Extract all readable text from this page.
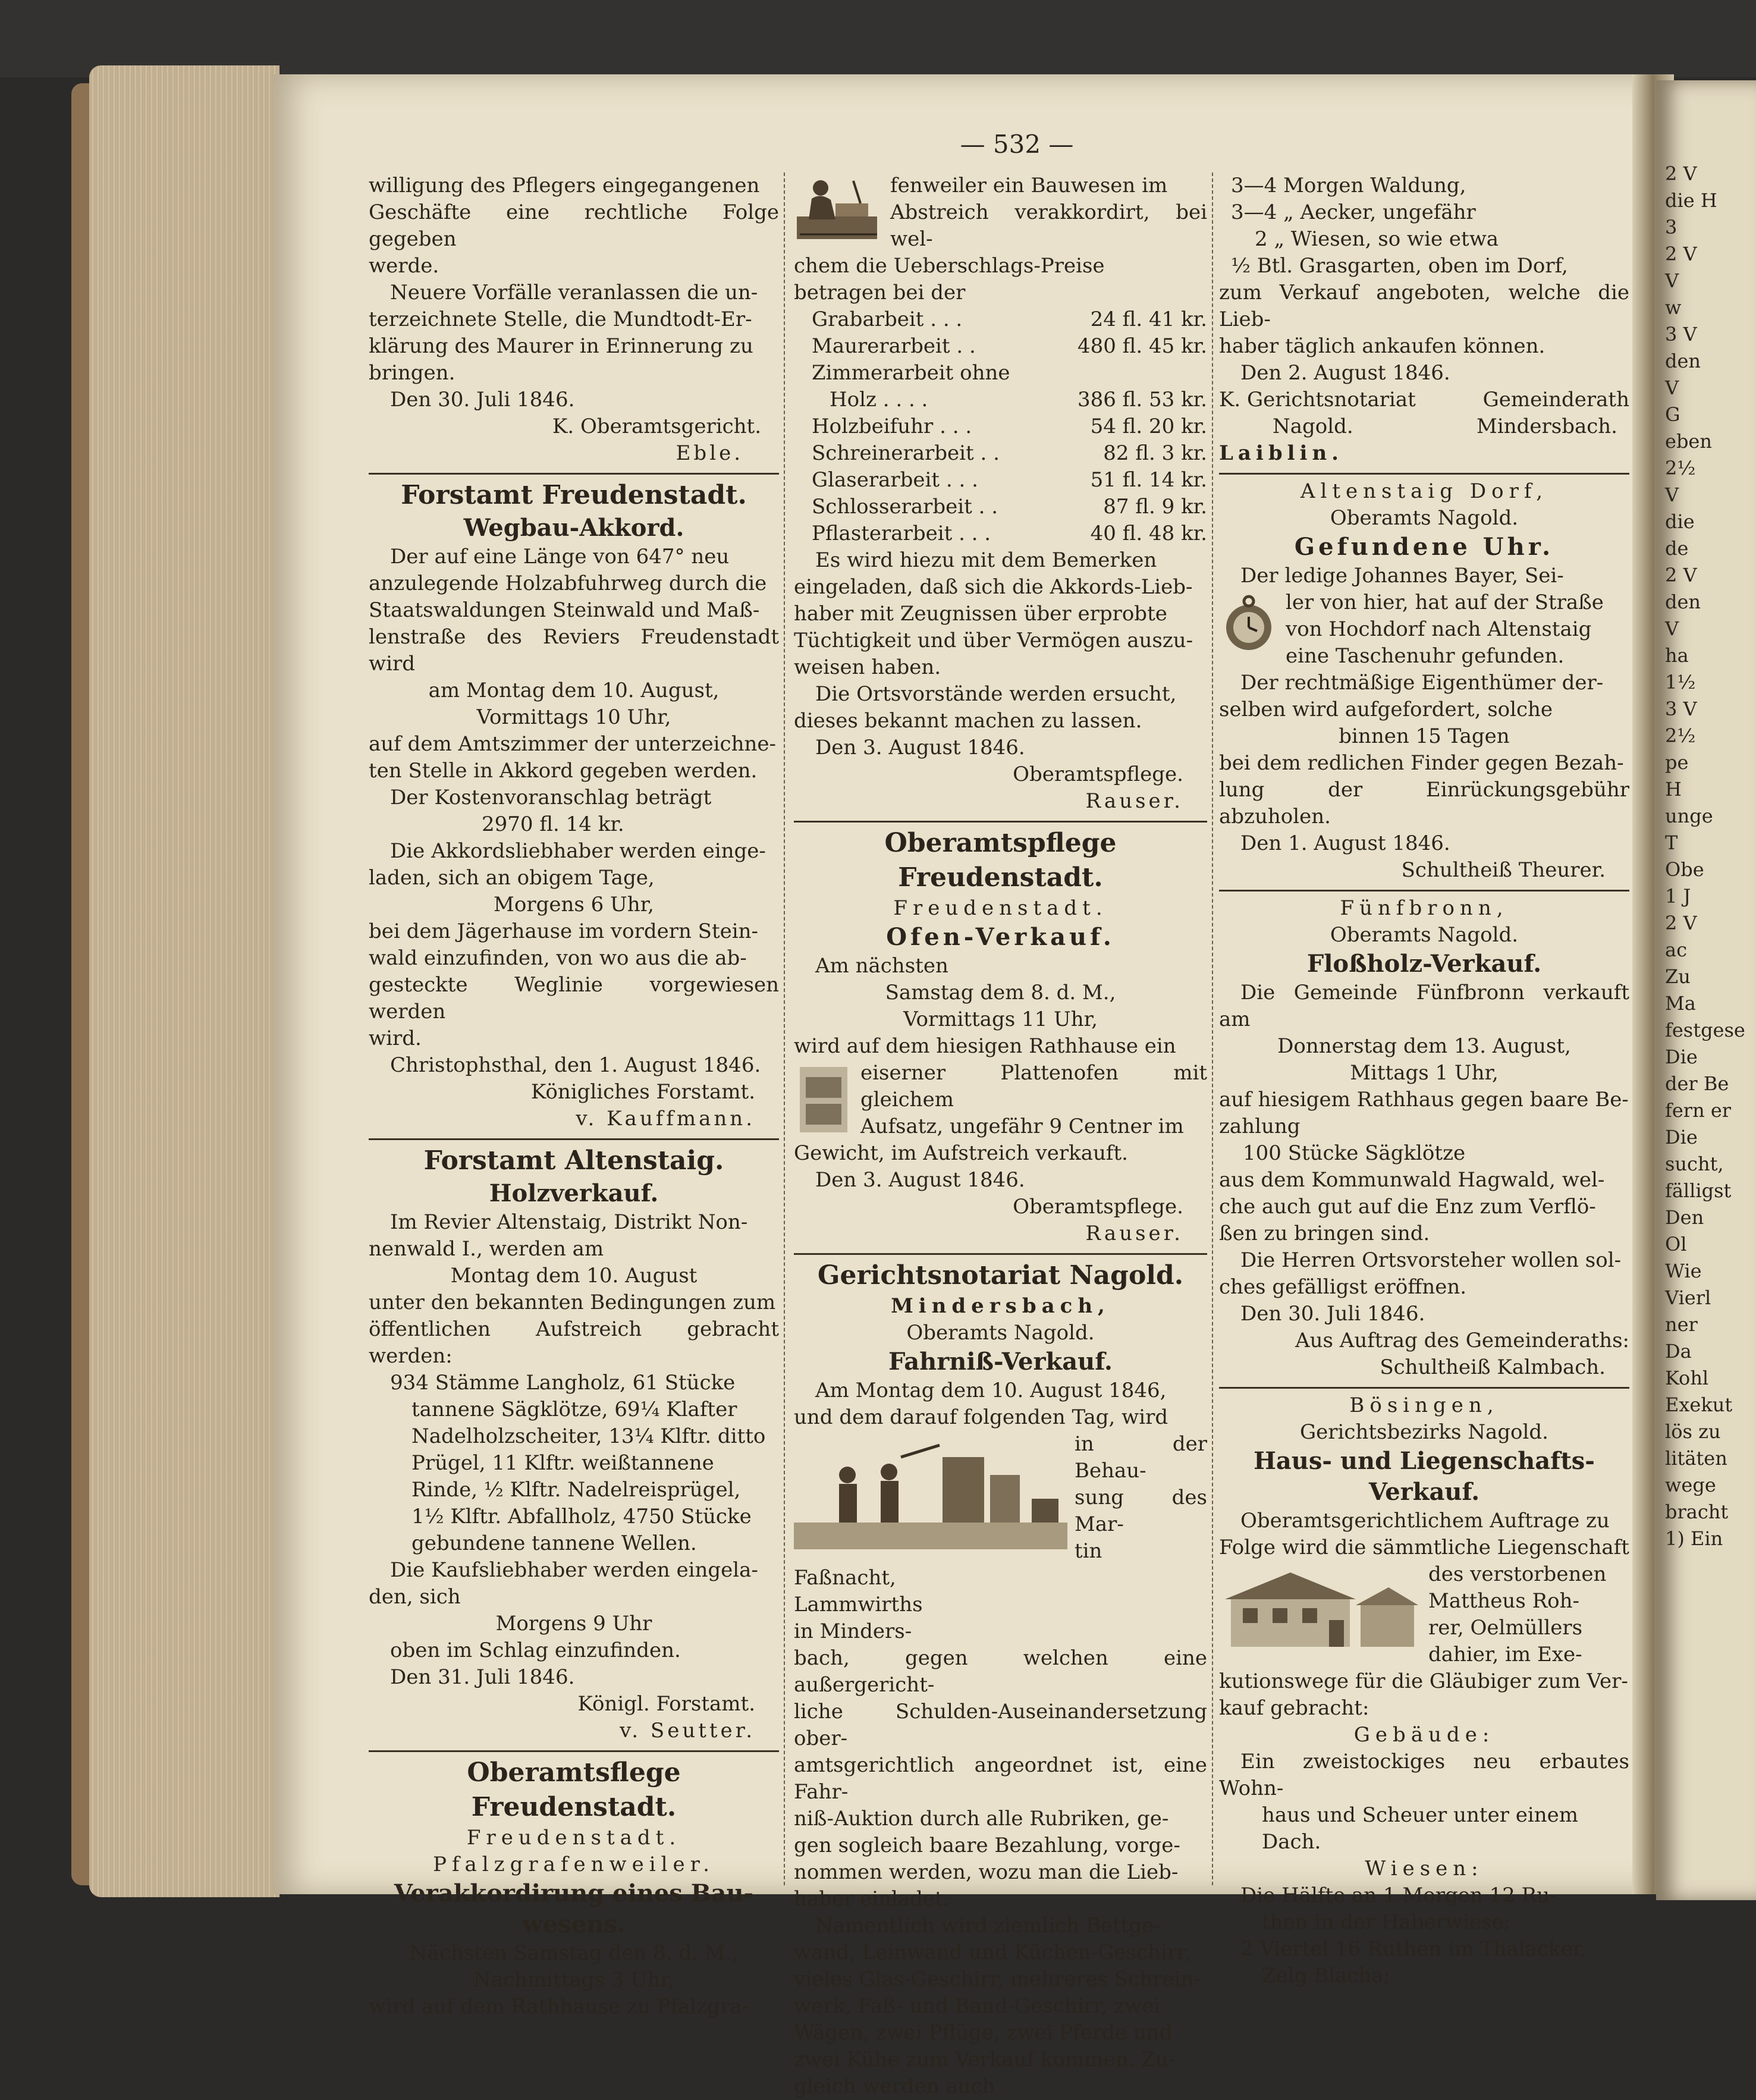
— 532 —

willigung des Pflegers eingegangenen

Geschäfte eine rechtliche Folge gegeben

werde.

Neuere Vorfälle veranlassen die un-

terzeichnete Stelle, die Mundtodt-Er-

klärung des Maurer in Erinnerung zu

bringen.

Den 30. Juli 1846.

K. Oberamtsgericht.

Eble.

Forstamt Freudenstadt.
Wegbau-Akkord.

Der auf eine Länge von 647° neu

anzulegende Holzabfuhrweg durch die

Staatswaldungen Steinwald und Maß-

lenstraße des Reviers Freudenstadt wird

am Montag dem 10. August,

Vormittags 10 Uhr,

auf dem Amtszimmer der unterzeichne-

ten Stelle in Akkord gegeben werden.

Der Kostenvoranschlag beträgt

2970 fl. 14 kr.

Die Akkordsliebhaber werden einge-

laden, sich an obigem Tage,

Morgens 6 Uhr,

bei dem Jägerhause im vordern Stein-

wald einzufinden, von wo aus die ab-

gesteckte Weglinie vorgewiesen werden

wird.

Christophsthal, den 1. August 1846.

Königliches Forstamt.

v. Kauffmann.

Forstamt Altenstaig.
Holzverkauf.

Im Revier Altenstaig, Distrikt Non-

nenwald I., werden am

Montag dem 10. August

unter den bekannten Bedingungen zum

öffentlichen Aufstreich gebracht werden:

934 Stämme Langholz, 61 Stücke

tannene Sägklötze, 69¼ Klafter

Nadelholzscheiter, 13¼ Klftr. ditto

Prügel, 11 Klftr. weißtannene

Rinde, ½ Klftr. Nadelreisprügel,

1½ Klftr. Abfallholz, 4750 Stücke

gebundene tannene Wellen.

Die Kaufsliebhaber werden eingela-

den, sich

Morgens 9 Uhr

oben im Schlag einzufinden.

Den 31. Juli 1846.

Königl. Forstamt.

v. Seutter.

Oberamtsflege Freudenstadt.

Freudenstadt.

Pfalzgrafenweiler.

Verakkordirung eines Bau-
wesens.

Nächsten Samstag den 8. d. M.,

Nachmittags 3 Uhr,

wird auf dem Rathhause zu Pfalzgra-

fenweiler ein Bauwesen im

Abstreich verakkordirt, bei wel-

chem die Ueberschlags-Preise

betragen bei der

Grabarbeit . . .	24 fl. 41 kr.
Maurerarbeit . .	480 fl. 45 kr.
Zimmerarbeit ohne
Holz . . . .	386 fl. 53 kr.
Holzbeifuhr . . .	54 fl. 20 kr.
Schreinerarbeit . .	82 fl. 3 kr.
Glaserarbeit . . .	51 fl. 14 kr.
Schlosserarbeit . .	87 fl. 9 kr.
Pflasterarbeit . . .	40 fl. 48 kr.

Es wird hiezu mit dem Bemerken

eingeladen, daß sich die Akkords-Lieb-

haber mit Zeugnissen über erprobte

Tüchtigkeit und über Vermögen auszu-

weisen haben.

Die Ortsvorstände werden ersucht,

dieses bekannt machen zu lassen.

Den 3. August 1846.

Oberamtspflege.

Rauser.

Oberamtspflege Freudenstadt.

Freudenstadt.

Ofen-Verkauf.

Am nächsten

Samstag dem 8. d. M.,

Vormittags 11 Uhr,

wird auf dem hiesigen Rathhause ein

eiserner Plattenofen mit gleichem

Aufsatz, ungefähr 9 Centner im

Gewicht, im Aufstreich verkauft.

Den 3. August 1846.

Oberamtspflege.

Rauser.

Gerichtsnotariat Nagold.

Mindersbach,

Oberamts Nagold.

Fahrniß-Verkauf.

Am Montag dem 10. August 1846,

und dem darauf folgenden Tag, wird

in der Behau-

sung des Mar-

tin Faßnacht,

Lammwirths

in Minders-

bach, gegen welchen eine außergericht-

liche Schulden-Auseinandersetzung ober-

amtsgerichtlich angeordnet ist, eine Fahr-

niß-Auktion durch alle Rubriken, ge-

gen sogleich baare Bezahlung, vorge-

nommen werden, wozu man die Lieb-

haber einladet.

Namentlich wird ziemlich Bettge-

wand, Leinwand und Küchen-Geschirr,

vieles Glas-Geschirr, mehreres Schrein-

werk, Faß- und Band-Geschirr, zwei

Wägen, zwei Pflüge, zwei Pferde und

zwei Kühe zum Verkauf kommen. Zu-

gleich werden auch

3—4 Morgen Waldung,

3—4 „ Aecker, ungefähr

2 „ Wiesen, so wie etwa

½ Btl. Grasgarten, oben im Dorf,

zum Verkauf angeboten, welche die Lieb-

haber täglich ankaufen können.

Den 2. August 1846.

K. Gerichtsnotariat	Gemeinderath
Nagold.	Mindersbach.

Laiblin.

Altenstaig Dorf,

Oberamts Nagold.

Gefundene Uhr.

Der ledige Johannes Bayer, Sei-

ler von hier, hat auf der Straße

von Hochdorf nach Altenstaig

eine Taschenuhr gefunden.

Der rechtmäßige Eigenthümer der-

selben wird aufgefordert, solche

binnen 15 Tagen

bei dem redlichen Finder gegen Bezah-

lung der Einrückungsgebühr abzuholen.

Den 1. August 1846.

Schultheiß Theurer.

Fünfbronn,

Oberamts Nagold.

Floßholz-Verkauf.

Die Gemeinde Fünfbronn verkauft am

Donnerstag dem 13. August,

Mittags 1 Uhr,

auf hiesigem Rathhaus gegen baare Be-

zahlung

100 Stücke Sägklötze

aus dem Kommunwald Hagwald, wel-

che auch gut auf die Enz zum Verflö-

ßen zu bringen sind.

Die Herren Ortsvorsteher wollen sol-

ches gefälligst eröffnen.

Den 30. Juli 1846.

Aus Auftrag des Gemeinderaths:

Schultheiß Kalmbach.

Bösingen,

Gerichtsbezirks Nagold.

Haus- und Liegenschafts-
Verkauf.

Oberamtsgerichtlichem Auftrage zu

Folge wird die sämmtliche Liegenschaft

des verstorbenen

Mattheus Roh-

rer, Oelmüllers

dahier, im Exe-

kutionswege für die Gläubiger zum Ver-

kauf gebracht:

Gebäude:

Ein zweistockiges neu erbautes Wohn-

haus und Scheuer unter einem

Dach.

Wiesen:

Die Hälfte an 1 Morgen 12 Ru-

then in der Haberwiese;

2 Viertel 16 Ruthen im Thalacker,

Zelg Blacha;

2 V
die H
3
2 V
V
w
3 V
den
V
G
eben
2½
V
die
de
2 V
den
V
ha
1½
3 V
2½
pe
H
unge
T
Obe
1 J
2 V
ac
Zu
Ma
festgese
Die
der Be
fern er
Die
sucht,
fälligst
Den
Ol
Wie
Vierl
ner
Da
Kohl
Exekut
lös zu
litäten
wege
bracht
1) Ein
